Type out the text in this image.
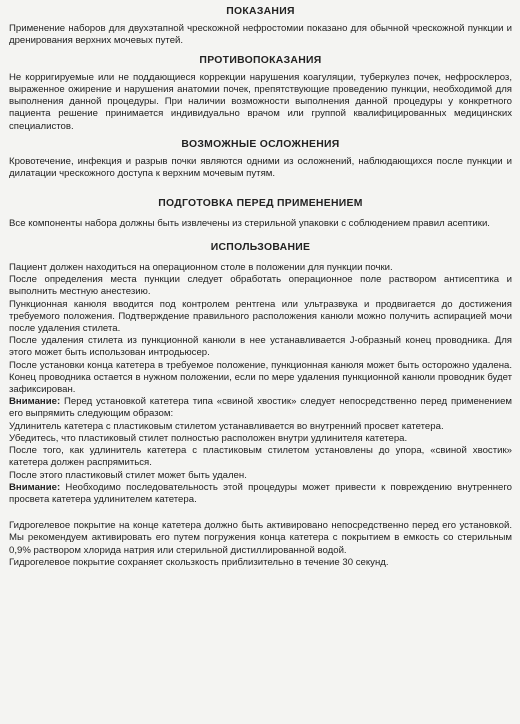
ПОКАЗАНИЯ

Применение наборов для двухэтапной чрескожной нефростомии показано для обычной чрескожной пункции и дренирования верхних мочевых путей.

ПРОТИВОПОКАЗАНИЯ

Не корригируемые или не поддающиеся коррекции нарушения коагуляции, туберкулез почек, нефросклероз, выраженное ожирение и нарушения анатомии почек, препятствующие проведению пункции, необходимой для выполнения данной процедуры. При наличии возможности выполнения данной процедуры у конкретного пациента решение принимается индивидуально врачом или группой квалифицированных медицинских специалистов.

ВОЗМОЖНЫЕ ОСЛОЖНЕНИЯ

Кровотечение, инфекция и разрыв почки являются одними из осложнений, наблюдающихся после пункции и дилатации чрескожного доступа к верхним мочевым путям.

ПОДГОТОВКА ПЕРЕД ПРИМЕНЕНИЕМ

Все компоненты набора должны быть извлечены из стерильной упаковки с соблюдением правил асептики.

ИСПОЛЬЗОВАНИЕ

Пациент должен находиться на операционном столе в положении для пункции почки.

После определения места пункции следует обработать операционное поле раствором антисептика и выполнить местную анестезию.

Пункционная канюля вводится под контролем рентгена или ультразвука и продвигается до достижения требуемого положения. Подтверждение правильного расположения канюли можно получить аспирацией мочи после удаления стилета.

После удаления стилета из пункционной канюли в нее устанавливается J-образный конец проводника. Для этого может быть использован интродьюсер.

После установки конца катетера в требуемое положение, пункционная канюля может быть осторожно удалена. Конец проводника остается в нужном положении, если по мере удаления пункционной канюли проводник будет зафиксирован.

Внимание: Перед установкой катетера типа «свиной хвостик» следует непосредственно перед применением его выпрямить следующим образом:

Удлинитель катетера с пластиковым стилетом устанавливается во внутренний просвет катетера.

Убедитесь, что пластиковый стилет полностью расположен внутри удлинителя катетера.

После того, как удлинитель катетера с пластиковым стилетом установлены до упора, «свиной хвостик» катетера должен распрямиться.

После этого пластиковый стилет может быть удален.

Внимание: Необходимо последовательность этой процедуры может привести к повреждению внутреннего просвета катетера удлинителем катетера.

Гидрогелевое покрытие на конце катетера должно быть активировано непосредственно перед его установкой. Мы рекомендуем активировать его путем погружения конца катетера с покрытием в емкость со стерильным 0,9% раствором хлорида натрия или стерильной дистиллированной водой.

Гидрогелевое покрытие сохраняет скользкость приблизительно в течение 30 секунд.
